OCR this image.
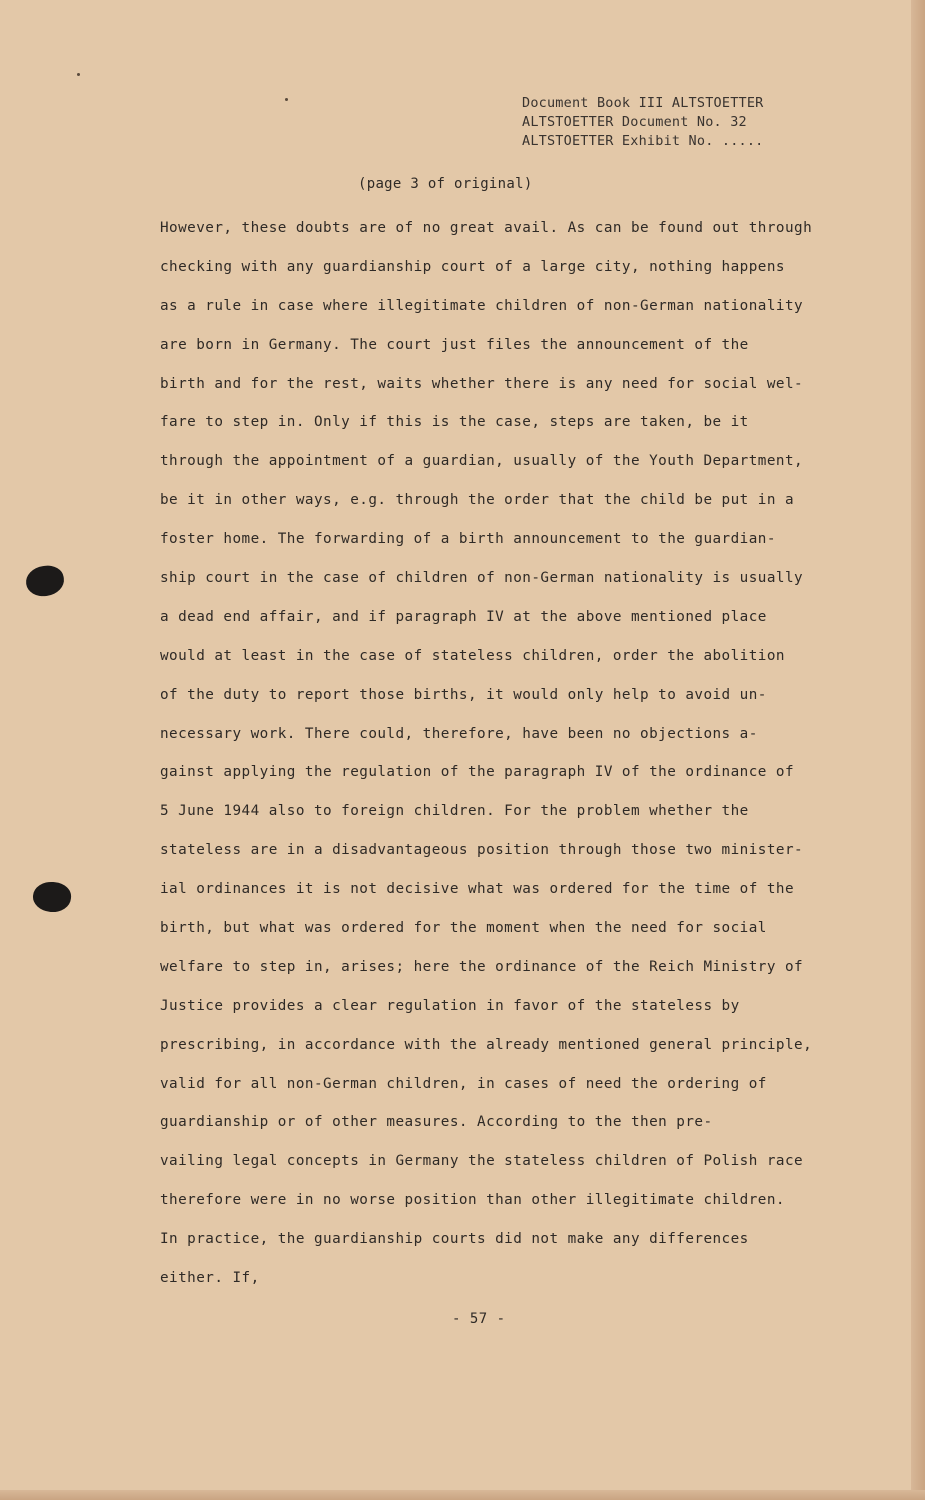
Document Book III ALTSTOETTER
ALTSTOETTER Document No. 32
ALTSTOETTER Exhibit No. .....
(page 3 of original)
However, these doubts are of no great avail. As can be found out through
checking with any guardianship court of a large city, nothing happens
as a rule in case where illegitimate children of non-German nationality
are born in Germany. The court just files the announcement of the
birth and for the rest, waits whether there is any need for social wel-
fare to step in. Only if this is the case, steps are taken, be it
through the appointment of a guardian, usually of the Youth Department,
be it in other ways, e.g. through the order that the child be put in a
foster home. The forwarding of a birth announcement to the guardian-
ship court in the case of children of non-German nationality is usually
a dead end affair, and if paragraph IV at the above mentioned place
would at least in the case of stateless children, order the abolition
of the duty to report those births, it would only help to avoid un-
necessary work. There could, therefore, have been no objections a-
gainst applying the regulation of the paragraph IV of the ordinance of
5 June 1944 also to foreign children. For the problem whether the
stateless are in a disadvantageous position through those two minister-
ial ordinances it is not decisive what was ordered for the time of the
birth, but what was ordered for the moment when the need for social
welfare to step in, arises; here the ordinance of the Reich Ministry of
Justice provides a clear regulation in favor of the stateless by
prescribing, in accordance with the already mentioned general principle,
valid for all non-German children, in cases of need the ordering of
guardianship or of other measures. According to the then pre-
vailing legal concepts in Germany the stateless children of Polish race
therefore were in no worse position than other illegitimate children.
In practice, the guardianship courts did not make any differences
either. If,
- 57 -
